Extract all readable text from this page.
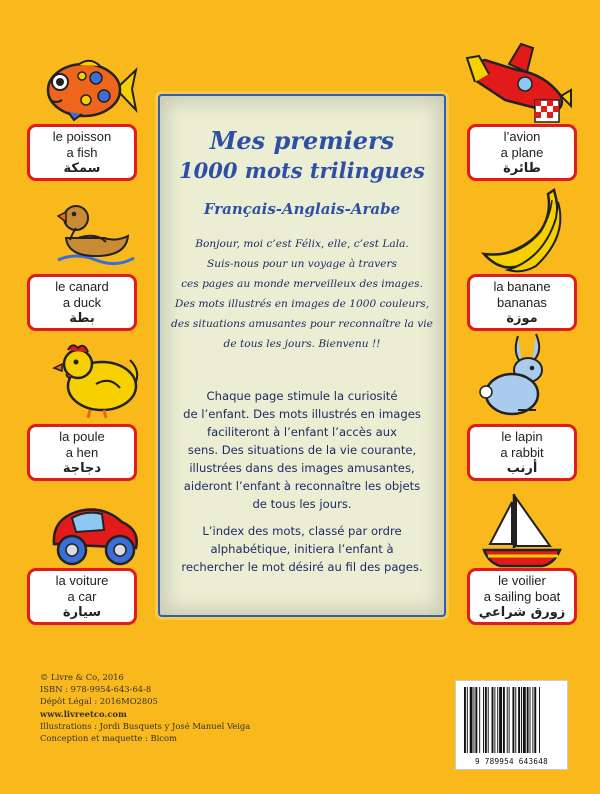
Mes premiers
1000 mots trilingues
Français-Anglais-Arabe
Bonjour, moi c’est Félix, elle, c’est Lala.
Suis-nous pour un voyage à travers
ces pages au monde merveilleux des images.
Des mots illustrés en images de 1000 couleurs,
des situations amusantes pour reconnaître la vie
de tous les jours. Bienvenu !!
Chaque page stimule la curiosité
de l’enfant. Des mots illustrés en images
faciliteront à l’enfant l’accès aux
sens. Des situations de la vie courante,
illustrées dans des images amusantes,
aideront l’enfant à reconnaître les objets
de tous les jours.
L’index des mots, classé par ordre
alphabétique, initiera l’enfant à
rechercher le mot désiré au fil des pages.
le poisson
a fish
سمكة
le canard
a duck
بطة
la poule
a hen
دجاجة
la voiture
a car
سيارة
l’avion
a plane
طائرة
la banane
bananas
موزة
le lapin
a rabbit
أرنب
le voilier
a sailing boat
زورق شراعي
© Livre & Co, 2016
ISBN : 978-9954-643-64-8
Dépôt Légal : 2016MO2805
www.livreetco.com
Illustrations : Jordi Busquets y José Manuel Veiga
Conception et maquette : Bicom
9 789954 643648
